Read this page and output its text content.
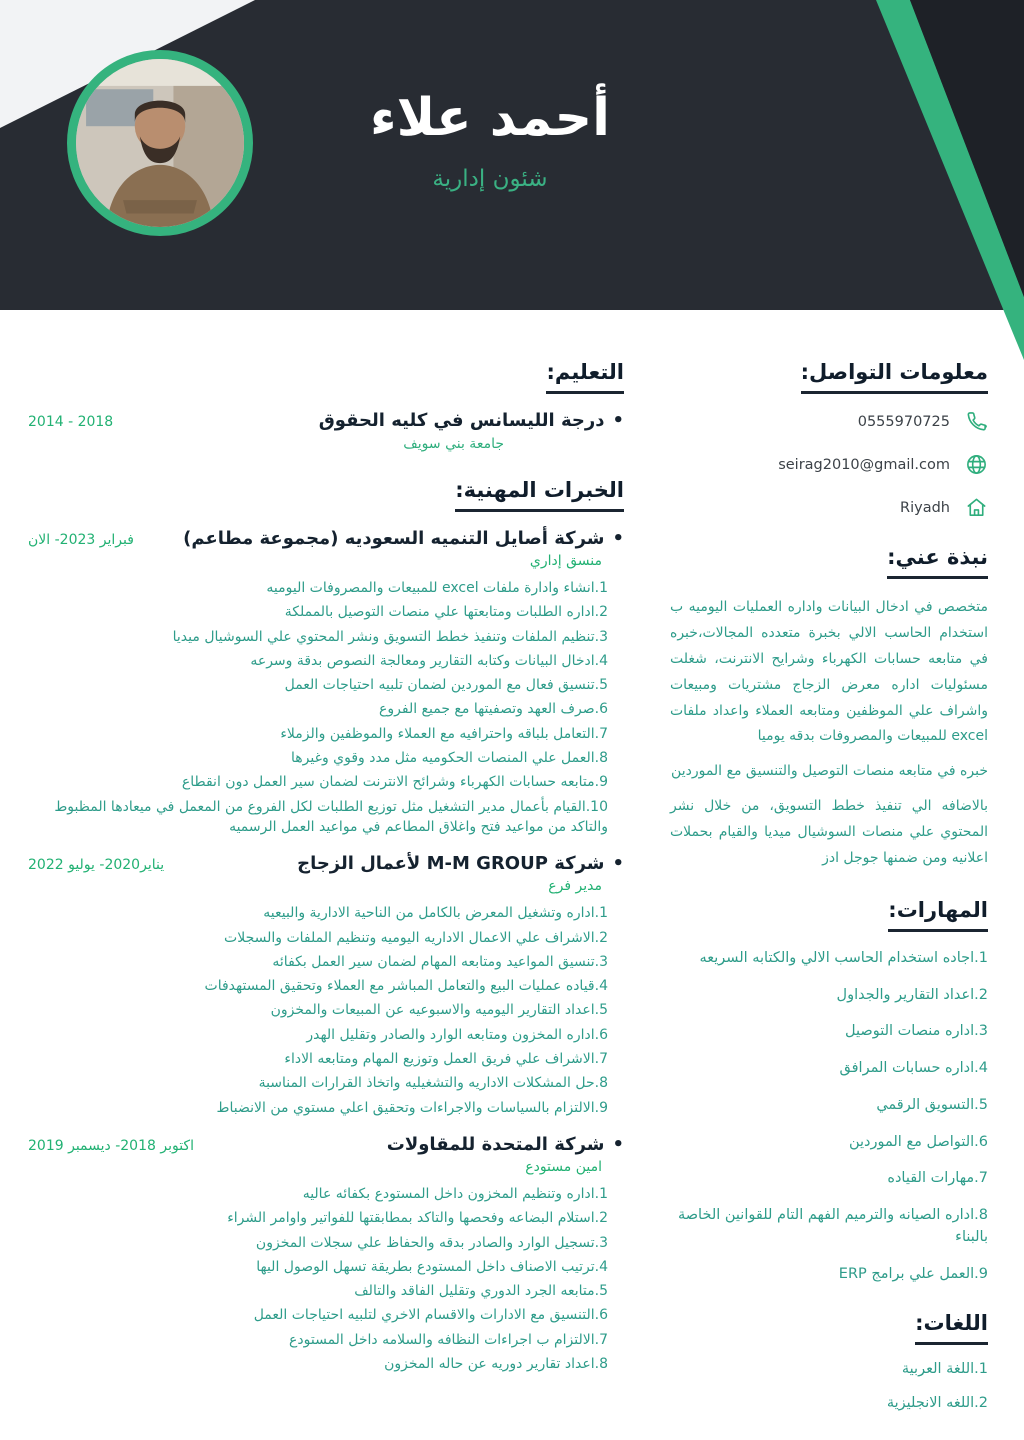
أحمد علاء
شئون إدارية
معلومات التواصل:
0555970725
seirag2010@gmail.com
Riyadh
نبذة عني:

متخصص في ادخال البيانات واداره العمليات اليوميه ب استخدام الحاسب الالي بخبرة متعدده المجالات،خبره في متابعه حسابات الكهرباء وشرايح الانترنت، شغلت مسئوليات اداره معرض الزجاج مشتريات ومبيعات واشراف علي الموظفين ومتابعه العملاء واعداد ملفات excel للمبيعات والمصروفات بدقه يوميا

خبره في متابعه منصات التوصيل والتنسيق مع الموردين

بالاضافه الي تنفيذ خطط التسويق، من خلال نشر المحتوي علي منصات السوشيال ميديا والقيام بحملات اعلانيه ومن ضمنها جوجل ادز

المهارات:
1.اجاده استخدام الحاسب الالي والكتابه السريعه
2.اعداد التقارير والجداول
3.اداره منصات التوصيل
4.اداره حسابات المرافق
5.التسويق الرقمي
6.التواصل مع الموردين
7.مهارات القياده
8.اداره الصيانه والترميم الفهم التام للقوانين الخاصة بالبناء
9.العمل علي برامج ERP
اللغات:
1.اللغة العربية
2.اللغه الانجليزية
التعليم:
•درجة الليسانس في كليه الحقوق
2014 - 2018
جامعة بني سويف
الخبرات المهنية:
•شركة أصايل التنميه السعوديه (مجموعة مطاعم)
فبراير 2023- الان
منسق إداري
1.انشاء وادارة ملفات excel للمبيعات والمصروفات اليوميه
2.اداره الطلبات ومتابعتها علي منصات التوصيل بالمملكة
3.تنظيم الملفات وتنفيذ خطط التسويق ونشر المحتوي علي السوشيال ميديا
4.ادخال البيانات وكتابه التقارير ومعالجة النصوص بدقة وسرعه
5.تنسيق فعال مع الموردين لضمان تلبيه احتياجات العمل
6.صرف العهد وتصفيتها مع جميع الفروع
7.التعامل بلباقه واحترافيه مع العملاء والموظفين والزملاء
8.العمل علي المنصات الحكوميه مثل مدد وقوي وغيرها
9.متابعه حسابات الكهرباء وشرائح الانترنت لضمان سير العمل دون انقطاع
10.القيام بأعمال مدير التشغيل مثل توزيع الطلبات لكل الفروع من المعمل في ميعادها المظبوط والتاكد من مواعيد فتح واغلاق المطاعم في مواعيد العمل الرسميه
•شركة M-M GROUP لأعمال الزجاج
يناير2020- يوليو 2022
مدير فرع
1.اداره وتشغيل المعرض بالكامل من الناحية الادارية والبيعيه
2.الاشراف علي الاعمال الاداريه اليوميه وتنظيم الملفات والسجلات
3.تنسيق المواعيد ومتابعه المهام لضمان سير العمل بكفائه
4.قياده عمليات البيع والتعامل المباشر مع العملاء وتحقيق المستهدفات
5.اعداد التقارير اليوميه والاسبوعيه عن المبيعات والمخزون
6.اداره المخزون ومتابعه الوارد والصادر وتقليل الهدر
7.الاشراف علي فريق العمل وتوزيع المهام ومتابعه الاداء
8.حل المشكلات الاداريه والتشغيليه واتخاذ القرارات المناسبة
9.الالتزام بالسياسات والاجراءات وتحقيق اعلي مستوي من الانضباط
•شركة المتحدة للمقاولات
اكتوبر 2018- ديسمبر 2019
امين مستودع
1.اداره وتنظيم المخزون داخل المستودع بكفائه عاليه
2.استلام البضاعه وفحصها والتاكد بمطابقتها للفواتير واوامر الشراء
3.تسجيل الوارد والصادر بدقه والحفاظ علي سجلات المخزون
4.ترتيب الاصناف داخل المستودع بطريقة تسهل الوصول اليها
5.متابعه الجرد الدوري وتقليل الفاقد والتالف
6.التنسيق مع الادارات والاقسام الاخري لتلبيه احتياجات العمل
7.الالتزام ب اجراءات النظافه والسلامه داخل المستودع
8.اعداد تقارير دوريه عن حاله المخزون
